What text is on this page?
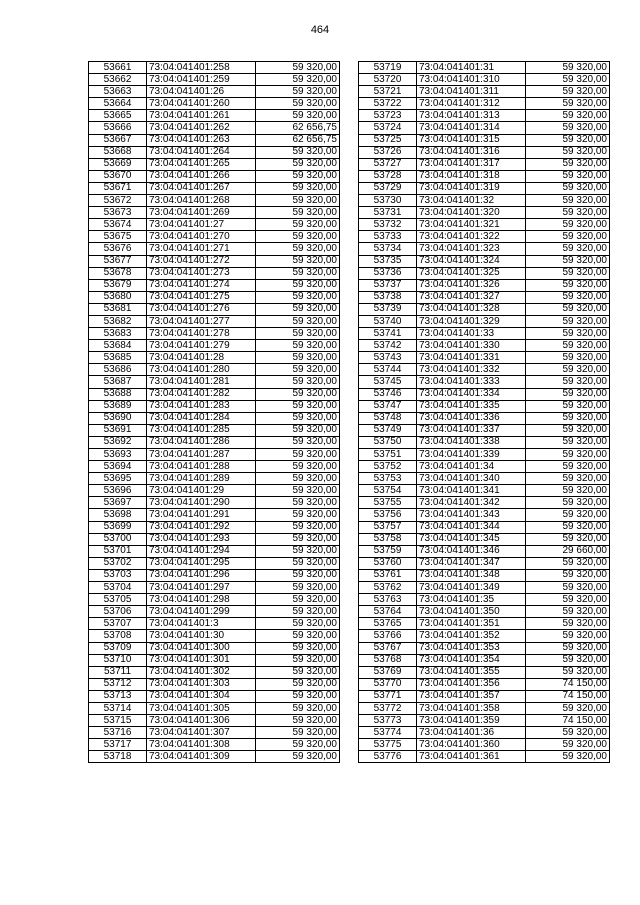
464
53661	73:04:041401:258	59 320,00
53662	73:04:041401:259	59 320,00
53663	73:04:041401:26	59 320,00
53664	73:04:041401:260	59 320,00
53665	73:04:041401:261	59 320,00
53666	73:04:041401:262	62 656,75
53667	73:04:041401:263	62 656,75
53668	73:04:041401:264	59 320,00
53669	73:04:041401:265	59 320,00
53670	73:04:041401:266	59 320,00
53671	73:04:041401:267	59 320,00
53672	73:04:041401:268	59 320,00
53673	73:04:041401:269	59 320,00
53674	73:04:041401:27	59 320,00
53675	73:04:041401:270	59 320,00
53676	73:04:041401:271	59 320,00
53677	73:04:041401:272	59 320,00
53678	73:04:041401:273	59 320,00
53679	73:04:041401:274	59 320,00
53680	73:04:041401:275	59 320,00
53681	73:04:041401:276	59 320,00
53682	73:04:041401:277	59 320,00
53683	73:04:041401:278	59 320,00
53684	73:04:041401:279	59 320,00
53685	73:04:041401:28	59 320,00
53686	73:04:041401:280	59 320,00
53687	73:04:041401:281	59 320,00
53688	73:04:041401:282	59 320,00
53689	73:04:041401:283	59 320,00
53690	73:04:041401:284	59 320,00
53691	73:04:041401:285	59 320,00
53692	73:04:041401:286	59 320,00
53693	73:04:041401:287	59 320,00
53694	73:04:041401:288	59 320,00
53695	73:04:041401:289	59 320,00
53696	73:04:041401:29	59 320,00
53697	73:04:041401:290	59 320,00
53698	73:04:041401:291	59 320,00
53699	73:04:041401:292	59 320,00
53700	73:04:041401:293	59 320,00
53701	73:04:041401:294	59 320,00
53702	73:04:041401:295	59 320,00
53703	73:04:041401:296	59 320,00
53704	73:04:041401:297	59 320,00
53705	73:04:041401:298	59 320,00
53706	73:04:041401:299	59 320,00
53707	73:04:041401:3	59 320,00
53708	73:04:041401:30	59 320,00
53709	73:04:041401:300	59 320,00
53710	73:04:041401:301	59 320,00
53711	73:04:041401:302	59 320,00
53712	73:04:041401:303	59 320,00
53713	73:04:041401:304	59 320,00
53714	73:04:041401:305	59 320,00
53715	73:04:041401:306	59 320,00
53716	73:04:041401:307	59 320,00
53717	73:04:041401:308	59 320,00
53718	73:04:041401:309	59 320,00
53719	73:04:041401:31	59 320,00
53720	73:04:041401:310	59 320,00
53721	73:04:041401:311	59 320,00
53722	73:04:041401:312	59 320,00
53723	73:04:041401:313	59 320,00
53724	73:04:041401:314	59 320,00
53725	73:04:041401:315	59 320,00
53726	73:04:041401:316	59 320,00
53727	73:04:041401:317	59 320,00
53728	73:04:041401:318	59 320,00
53729	73:04:041401:319	59 320,00
53730	73:04:041401:32	59 320,00
53731	73:04:041401:320	59 320,00
53732	73:04:041401:321	59 320,00
53733	73:04:041401:322	59 320,00
53734	73:04:041401:323	59 320,00
53735	73:04:041401:324	59 320,00
53736	73:04:041401:325	59 320,00
53737	73:04:041401:326	59 320,00
53738	73:04:041401:327	59 320,00
53739	73:04:041401:328	59 320,00
53740	73:04:041401:329	59 320,00
53741	73:04:041401:33	59 320,00
53742	73:04:041401:330	59 320,00
53743	73:04:041401:331	59 320,00
53744	73:04:041401:332	59 320,00
53745	73:04:041401:333	59 320,00
53746	73:04:041401:334	59 320,00
53747	73:04:041401:335	59 320,00
53748	73:04:041401:336	59 320,00
53749	73:04:041401:337	59 320,00
53750	73:04:041401:338	59 320,00
53751	73:04:041401:339	59 320,00
53752	73:04:041401:34	59 320,00
53753	73:04:041401:340	59 320,00
53754	73:04:041401:341	59 320,00
53755	73:04:041401:342	59 320,00
53756	73:04:041401:343	59 320,00
53757	73:04:041401:344	59 320,00
53758	73:04:041401:345	59 320,00
53759	73:04:041401:346	29 660,00
53760	73:04:041401:347	59 320,00
53761	73:04:041401:348	59 320,00
53762	73:04:041401:349	59 320,00
53763	73:04:041401:35	59 320,00
53764	73:04:041401:350	59 320,00
53765	73:04:041401:351	59 320,00
53766	73:04:041401:352	59 320,00
53767	73:04:041401:353	59 320,00
53768	73:04:041401:354	59 320,00
53769	73:04:041401:355	59 320,00
53770	73:04:041401:356	74 150,00
53771	73:04:041401:357	74 150,00
53772	73:04:041401:358	59 320,00
53773	73:04:041401:359	74 150,00
53774	73:04:041401:36	59 320,00
53775	73:04:041401:360	59 320,00
53776	73:04:041401:361	59 320,00
